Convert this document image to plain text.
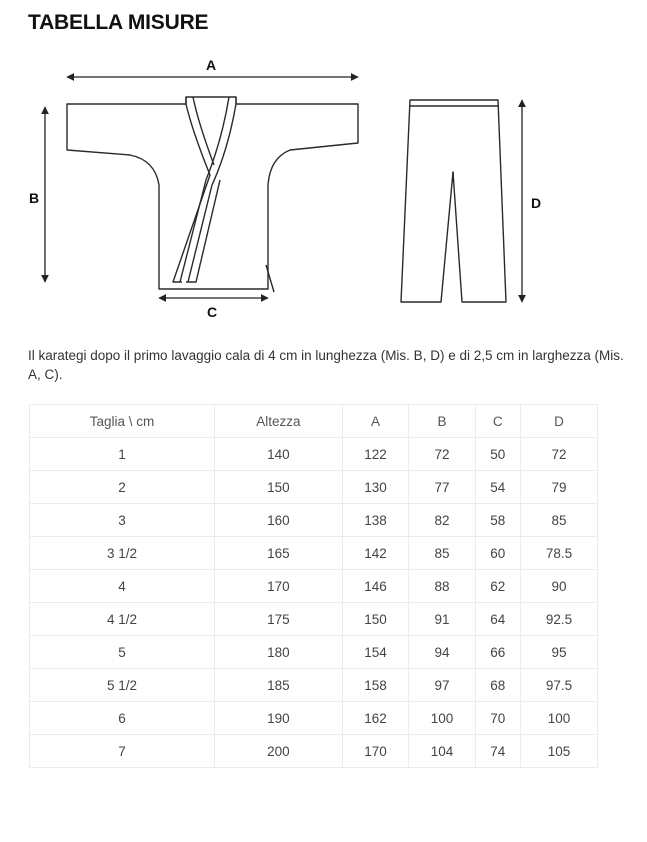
TABELLA MISURE
A
B
C
D
Il karategi dopo il primo lavaggio cala di 4 cm in lunghezza (Mis. B, D) e di 2,5 cm in larghezza (Mis. A, C).
Taglia \ cm	Altezza	A	B	C	D
1	140	122	72	50	72
2	150	130	77	54	79
3	160	138	82	58	85
3 1/2	165	142	85	60	78.5
4	170	146	88	62	90
4 1/2	175	150	91	64	92.5
5	180	154	94	66	95
5 1/2	185	158	97	68	97.5
6	190	162	100	70	100
7	200	170	104	74	105
